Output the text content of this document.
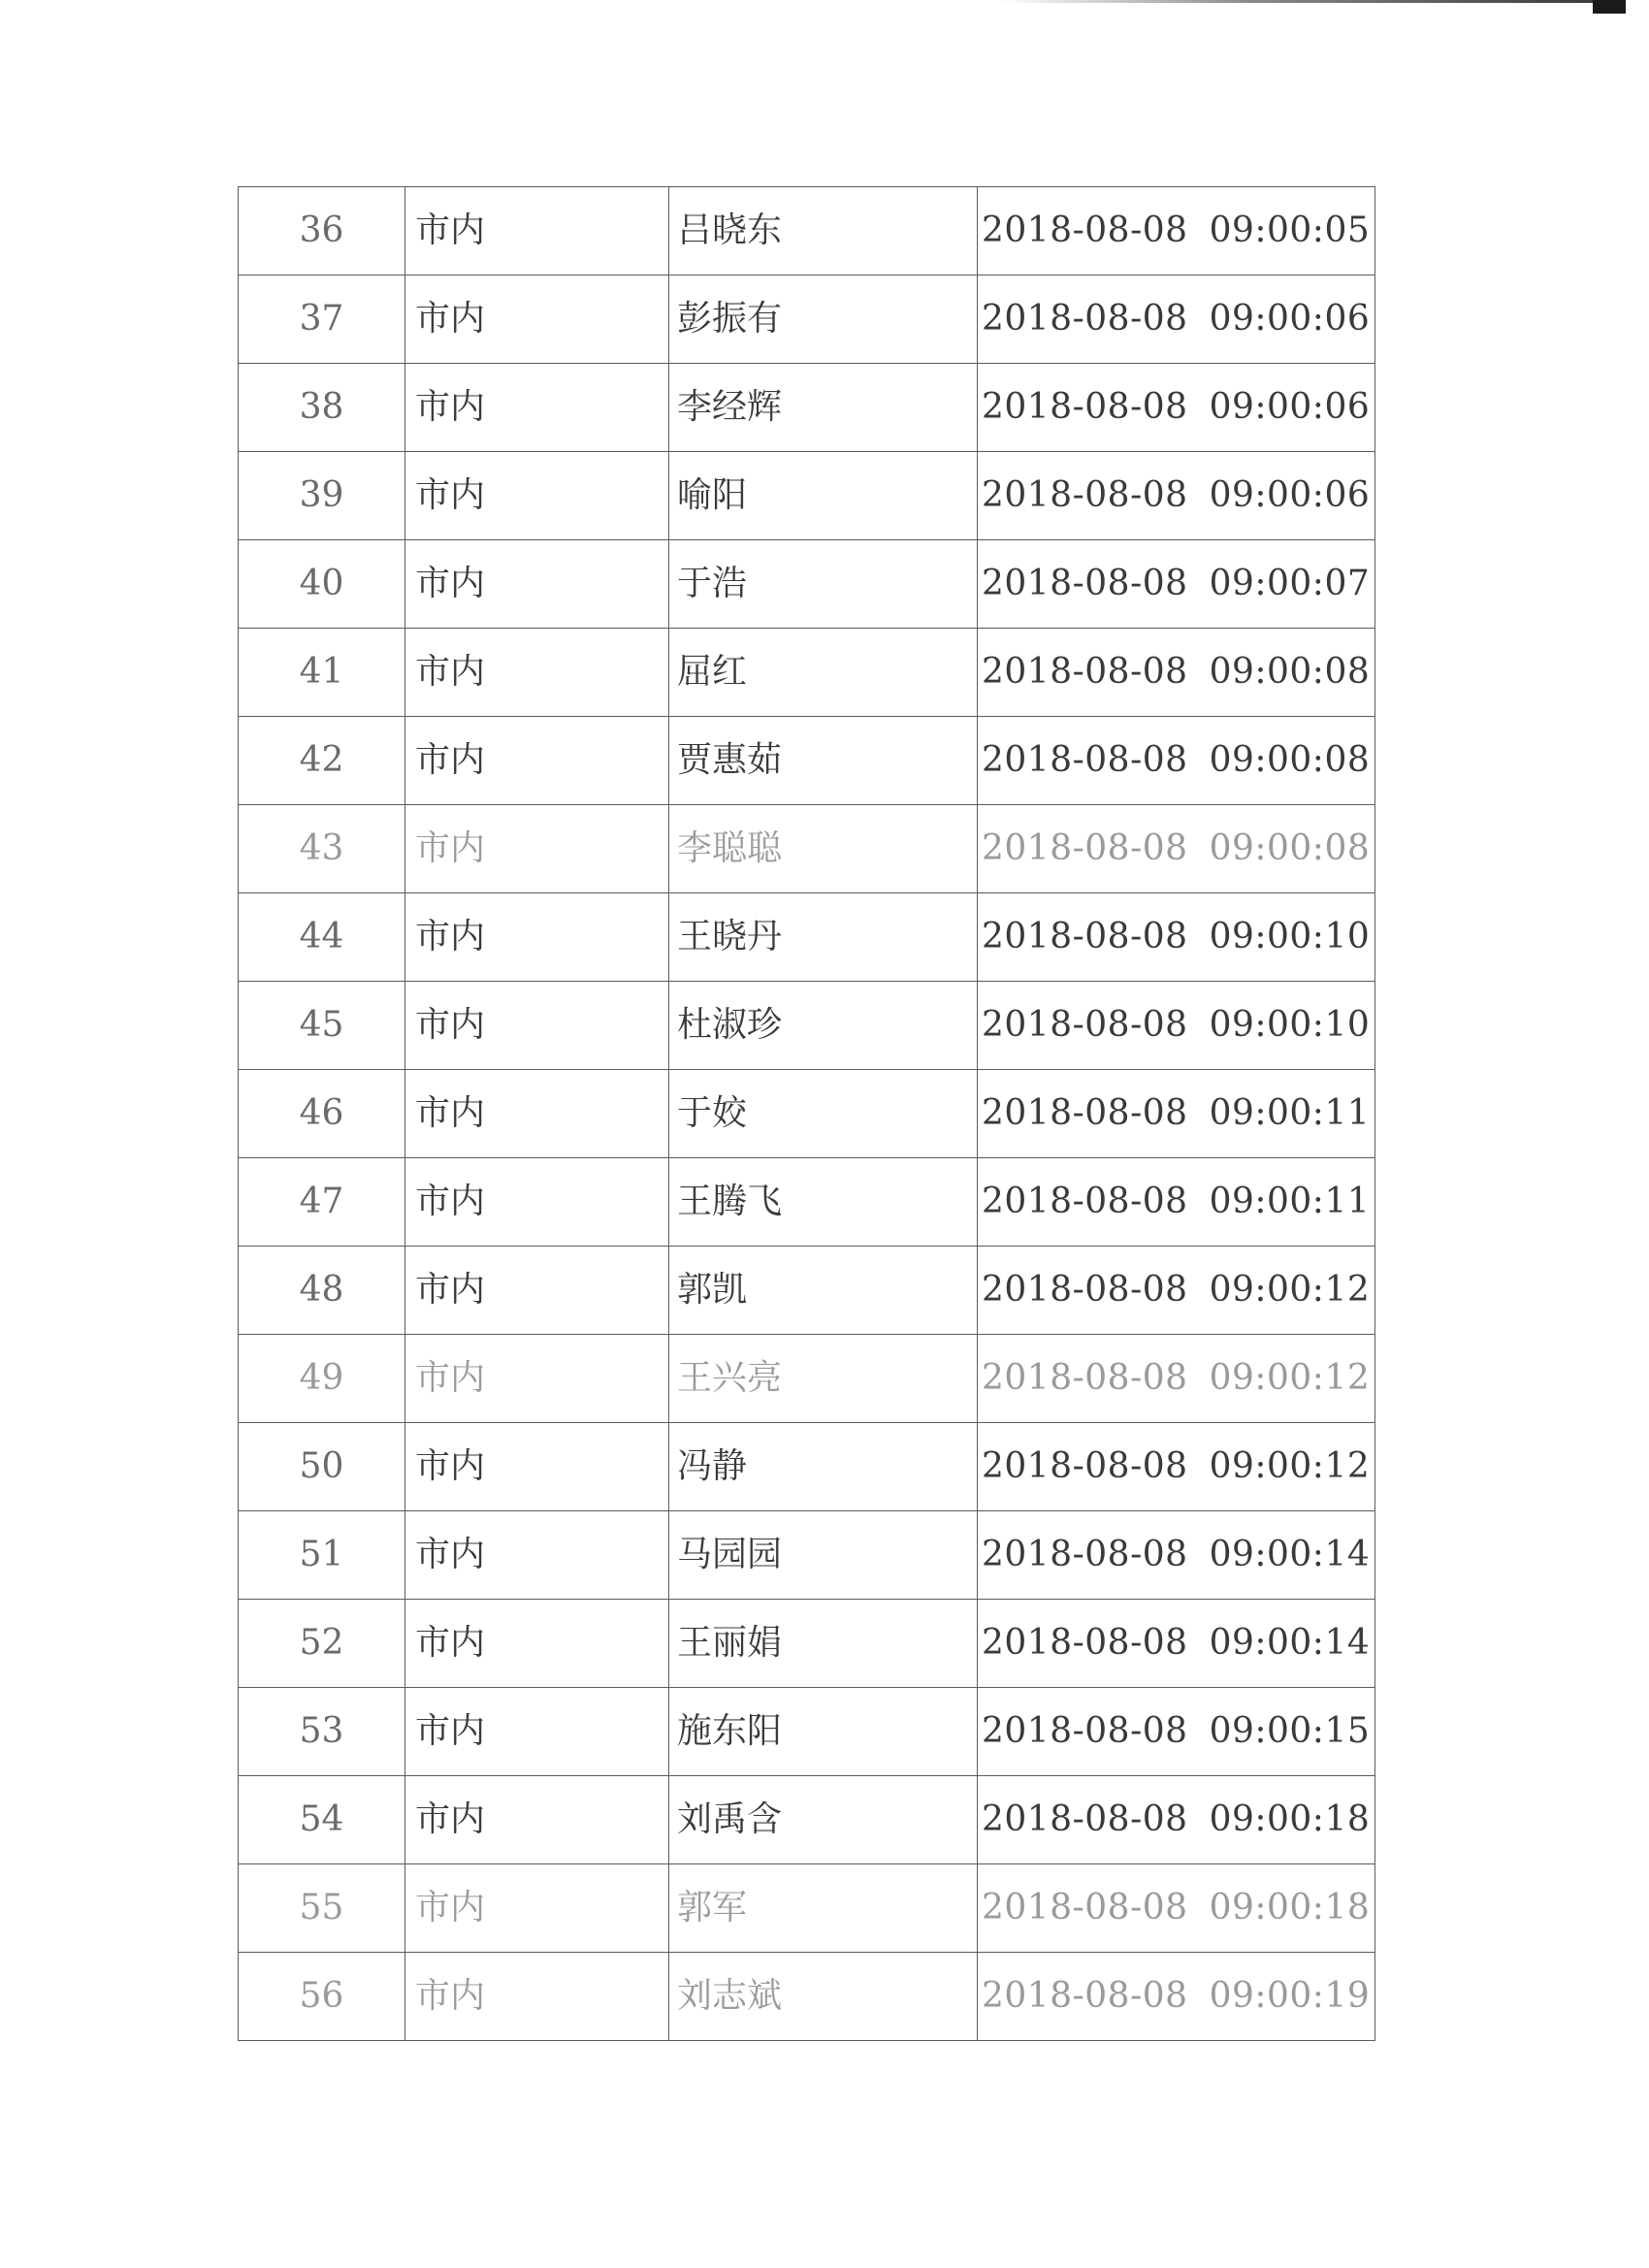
36	市内	吕晓东	2018-08-08 09:00:05
37	市内	彭振有	2018-08-08 09:00:06
38	市内	李经辉	2018-08-08 09:00:06
39	市内	喻阳	2018-08-08 09:00:06
40	市内	于浩	2018-08-08 09:00:07
41	市内	屈红	2018-08-08 09:00:08
42	市内	贾惠茹	2018-08-08 09:00:08
43	市内	李聪聪	2018-08-08 09:00:08
44	市内	王晓丹	2018-08-08 09:00:10
45	市内	杜淑珍	2018-08-08 09:00:10
46	市内	于姣	2018-08-08 09:00:11
47	市内	王腾飞	2018-08-08 09:00:11
48	市内	郭凯	2018-08-08 09:00:12
49	市内	王兴亮	2018-08-08 09:00:12
50	市内	冯静	2018-08-08 09:00:12
51	市内	马园园	2018-08-08 09:00:14
52	市内	王丽娟	2018-08-08 09:00:14
53	市内	施东阳	2018-08-08 09:00:15
54	市内	刘禹含	2018-08-08 09:00:18
55	市内	郭军	2018-08-08 09:00:18
56	市内	刘志斌	2018-08-08 09:00:19
